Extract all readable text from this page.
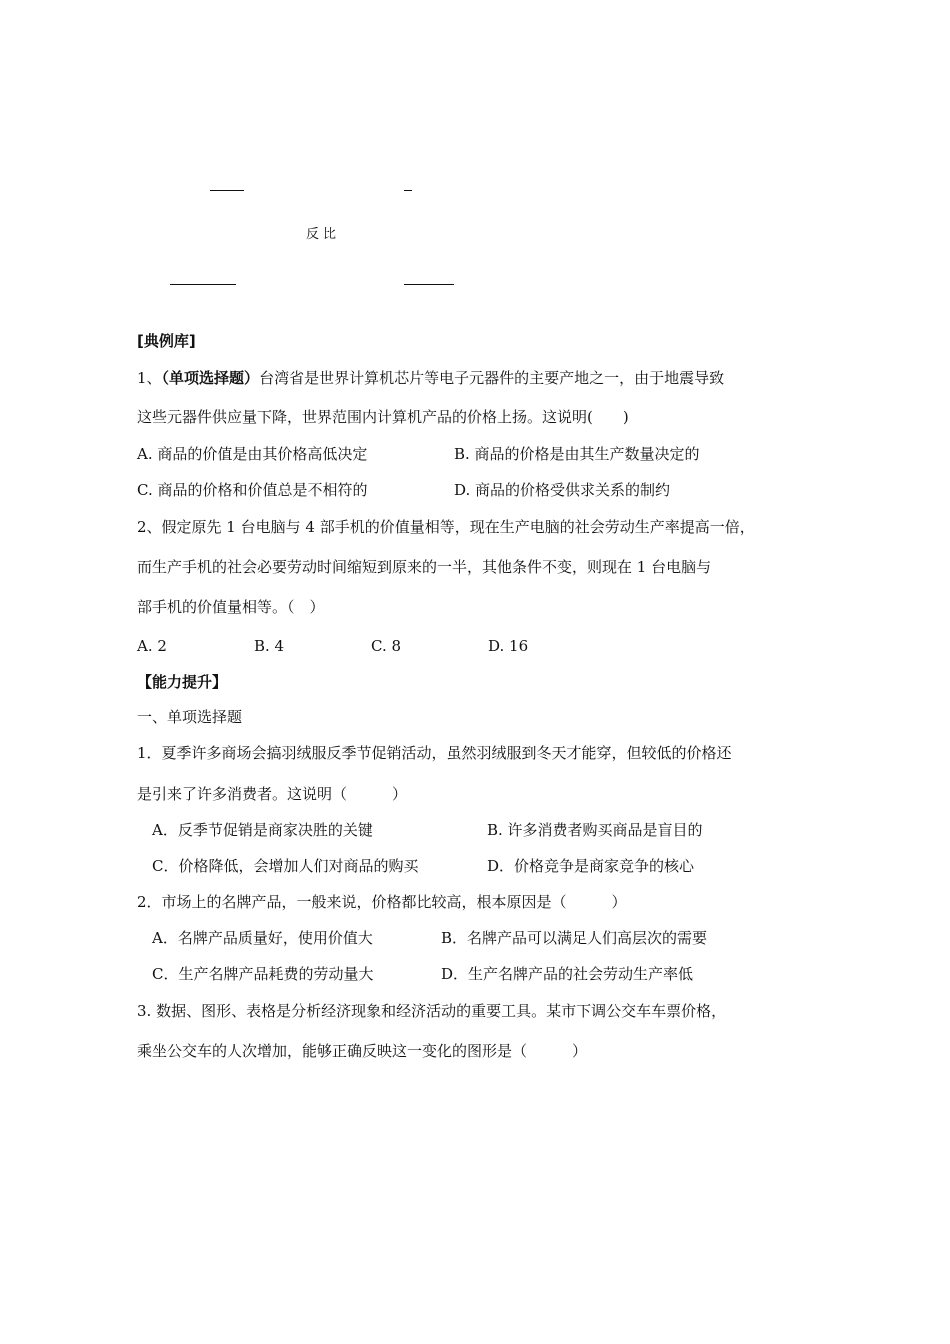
反比
[典例库]
1、（单项选择题）台湾省是世界计算机芯片等电子元器件的主要产地之一，由于地震导致
这些元器件供应量下降，世界范围内计算机产品的价格上扬。这说明(　　)
A. 商品的价值是由其价格高低决定	B. 商品的价格是由其生产数量决定的
C. 商品的价格和价值总是不相符的	D. 商品的价格受供求关系的制约
2、假定原先 1 台电脑与 4 部手机的价值量相等，现在生产电脑的社会劳动生产率提高一倍，
而生产手机的社会必要劳动时间缩短到原来的一半，其他条件不变，则现在 1 台电脑与
部手机的价值量相等。（　）
A. 2	B. 4	C. 8	D. 16
【能力提升】
一、单项选择题
1．夏季许多商场会搞羽绒服反季节促销活动，虽然羽绒服到冬天才能穿，但较低的价格还
是引来了许多消费者。这说明（　　　）
A．反季节促销是商家决胜的关键	B. 许多消费者购买商品是盲目的
C．价格降低，会增加人们对商品的购买	D．价格竞争是商家竞争的核心
2．市场上的名牌产品，一般来说，价格都比较高，根本原因是（　　　）
A．名牌产品质量好，使用价值大	B．名牌产品可以满足人们高层次的需要
C．生产名牌产品耗费的劳动量大	D．生产名牌产品的社会劳动生产率低
3. 数据、图形、表格是分析经济现象和经济活动的重要工具。某市下调公交车车票价格，
乘坐公交车的人次增加，能够正确反映这一变化的图形是（　　　）
